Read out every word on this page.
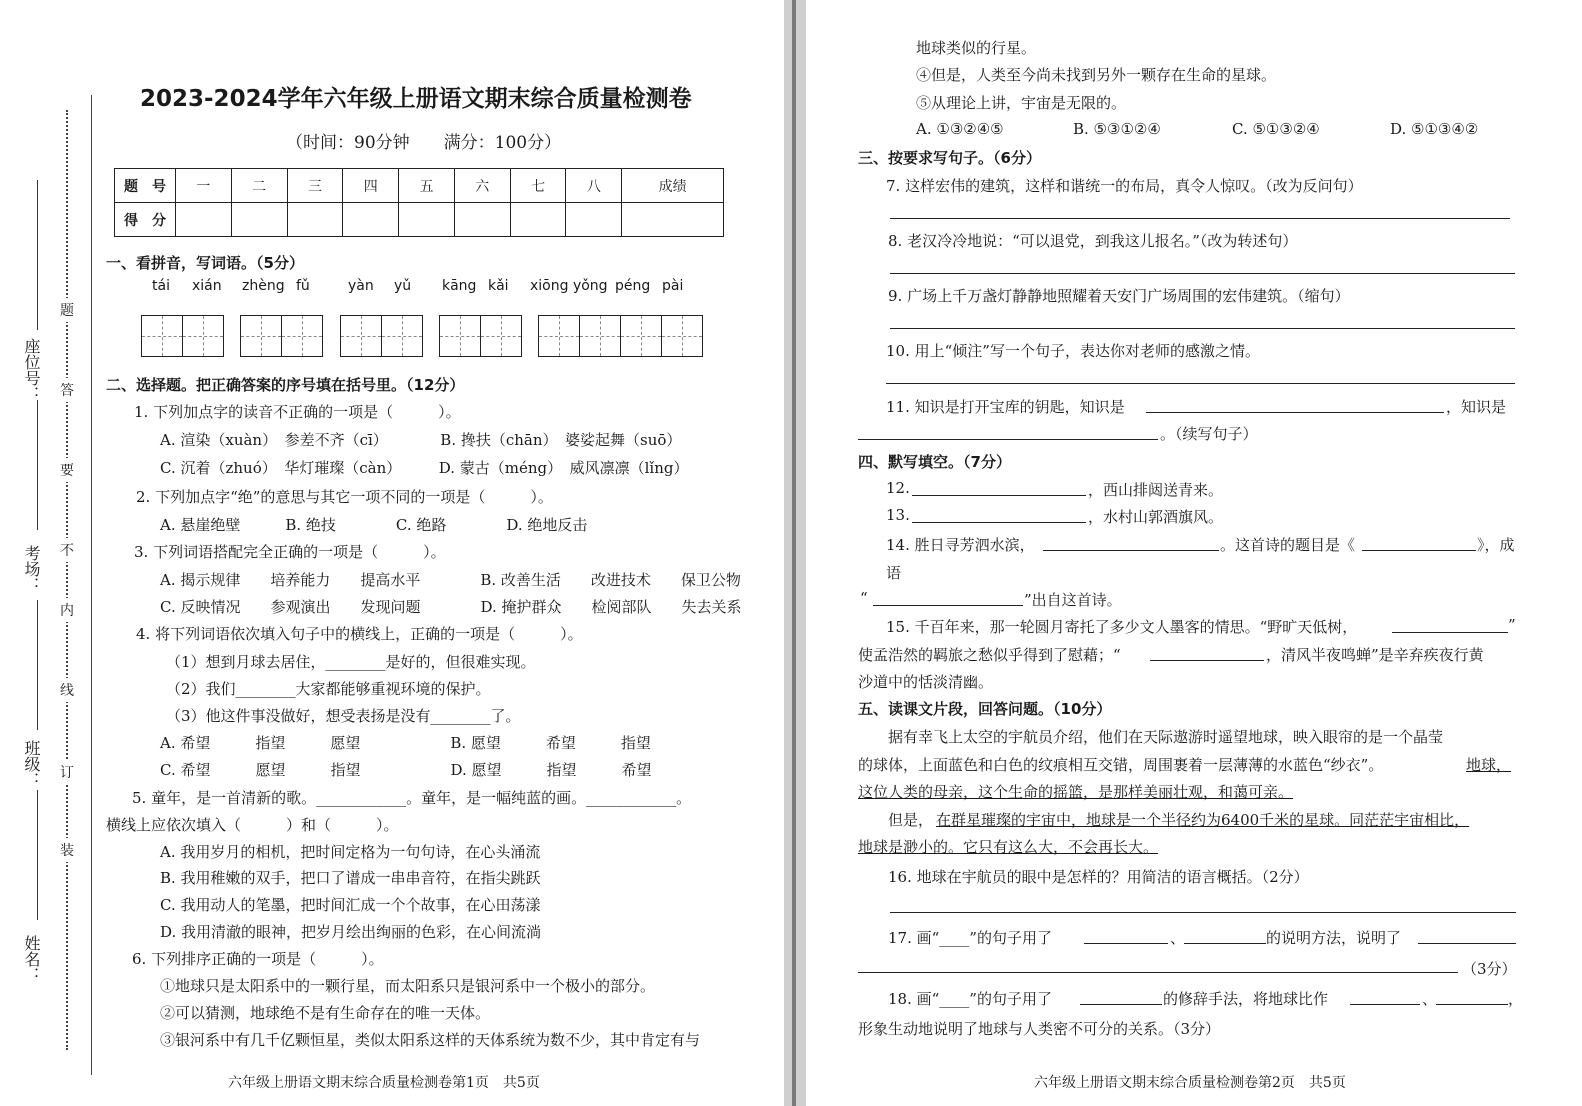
座位号：
考场：
班级：
姓名：
题
答
要
不
内
线
订
装
2023-2024学年六年级上册语文期末综合质量检测卷
（时间：90分钟　　满分：100分）
题　号	一	二	三	四	五	六	七	八	成绩
得　分									
一、看拼音，写词语。（5分）
tái xián zhèng fǔ	yàn yǔ kāng kǎi xiōng yǒng péng pài
二、选择题。把正确答案的序号填在括号里。（12分）
1. 下列加点字的读音不正确的一项是（　　　）。
A. 渲染（xuàn）　参差不齐（cī）　　　　B. 搀扶（chān）　婆娑起舞（suō）
C. 沉着（zhuó）　华灯璀璨（càn）　　　D. 蒙古（méng）　威风凛凛（lǐng）
2. 下列加点字“绝”的意思与其它一项不同的一项是（　　　）。
A. 悬崖绝壁　　　B. 绝技　　　　C. 绝路　　　　D. 绝地反击
3. 下列词语搭配完全正确的一项是（　　　）。
A. 揭示规律　　培养能力　　提高水平　　　　B. 改善生活　　改进技术　　保卫公物
C. 反映情况　　参观演出　　发现问题　　　　D. 掩护群众　　检阅部队　　失去关系
4. 将下列词语依次填入句子中的横线上，正确的一项是（　　　）。
（1）想到月球去居住，________是好的，但很难实现。
（2）我们________大家都能够重视环境的保护。
（3）他这件事没做好，想受表扬是没有________了。
A. 希望　　　指望　　　愿望　　　　　　B. 愿望　　　希望　　　指望
C. 希望　　　愿望　　　指望　　　　　　D. 愿望　　　指望　　　希望
5. 童年，是一首清新的歌。____________。童年，是一幅纯蓝的画。____________。
横线上应依次填入（　　　）和（　　　）。
A. 我用岁月的相机，把时间定格为一句句诗，在心头涌流
B. 我用稚嫩的双手，把口了谱成一串串音符，在指尖跳跃
C. 我用动人的笔墨，把时间汇成一个个故事，在心田荡漾
D. 我用清澈的眼神，把岁月绘出绚丽的色彩，在心间流淌
6. 下列排序正确的一项是（　　　）。
①地球只是太阳系中的一颗行星，而太阳系只是银河系中一个极小的部分。
②可以猜测，地球绝不是有生命存在的唯一天体。
③银河系中有几千亿颗恒星，类似太阳系这样的天体系统为数不少，其中肯定有与
六年级上册语文期末综合质量检测卷第1页　共5页
地球类似的行星。
④但是，人类至今尚未找到另外一颗存在生命的星球。
⑤从理论上讲，宇宙是无限的。
A. ①③②④⑤	B. ⑤③①②④	C. ⑤①③②④	D. ⑤①③④②
三、按要求写句子。（6分）
7. 这样宏伟的建筑，这样和谐统一的布局，真令人惊叹。（改为反问句）
8. 老汉冷冷地说：“可以退党，到我这儿报名。”（改为转述句）
9. 广场上千万盏灯静静地照耀着天安门广场周围的宏伟建筑。（缩句）
10. 用上“倾注”写一个句子，表达你对老师的感激之情。
11. 知识是打开宝库的钥匙，知识是	，知识是
。（续写句子）
四、默写填空。（7分）
12.	，西山排闼送青来。
13.	，水村山郭酒旗风。
14. 胜日寻芳泗水滨，	。这首诗的题目是《	》，成
语
“	”出自这首诗。
15. 千百年来，那一轮圆月寄托了多少文人墨客的情思。“野旷天低树，	”
使孟浩然的羁旅之愁似乎得到了慰藉；“	，清风半夜鸣蝉”是辛弃疾夜行黄
沙道中的恬淡清幽。
五、读课文片段，回答问题。（10分）
据有幸飞上太空的宇航员介绍，他们在天际遨游时遥望地球，映入眼帘的是一个晶莹
的球体，上面蓝色和白色的纹痕相互交错，周围裹着一层薄薄的水蓝色“纱衣”。	地球，
这位人类的母亲，这个生命的摇篮，是那样美丽壮观，和蔼可亲。
但是， 在群星璀璨的宇宙中，地球是一个半径约为6400千米的星球。同茫茫宇宙相比，
地球是渺小的。它只有这么大，不会再长大。
16. 地球在宇航员的眼中是怎样的？用简洁的语言概括。（2分）
17. 画“____”的句子用了	、	的说明方法，说明了
（3分）
18. 画“____”的句子用了	的修辞手法，将地球比作	、	，
形象生动地说明了地球与人类密不可分的关系。（3分）
六年级上册语文期末综合质量检测卷第2页　共5页
